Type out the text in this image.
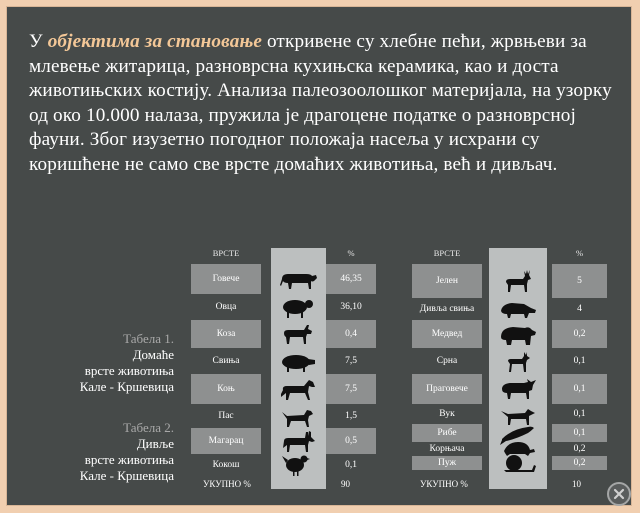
У објектима за становање откривене су хлебне пећи, жрвњеви за млевење житарица, разноврсна кухињска керамика, као и доста животињских костију. Анализа палеозоолошког материјала, на узорку од око 10.000 налаза, пружила је драгоцене податке о разноврсној фауни. Због изузетно погодног положаја насеља у исхрани су коришћене не само све врсте домаћих животиња, већ и дивљач.
ВРСТЕ	%
Говече	46,35
Овца	36,10
Коза	0,4
Свиња	7,5
Коњ	7,5
Пас	1,5
Магарац	0,5
Кокош	0,1
УКУПНО %	90
ВРСТЕ	%
Јелен	5
Дивља свиња	4
Медвед	0,2
Срна	0,1
Праговече	0,1
Вук	0,1
Рибе	0,1
Корњача	0,2
Пуж	0,2
УКУПНО %	10
Табела 1.
Домаће
врсте животиња
Кале - Кршевица
Табела 2.
Дивље
врсте животиња
Кале - Кршевица
